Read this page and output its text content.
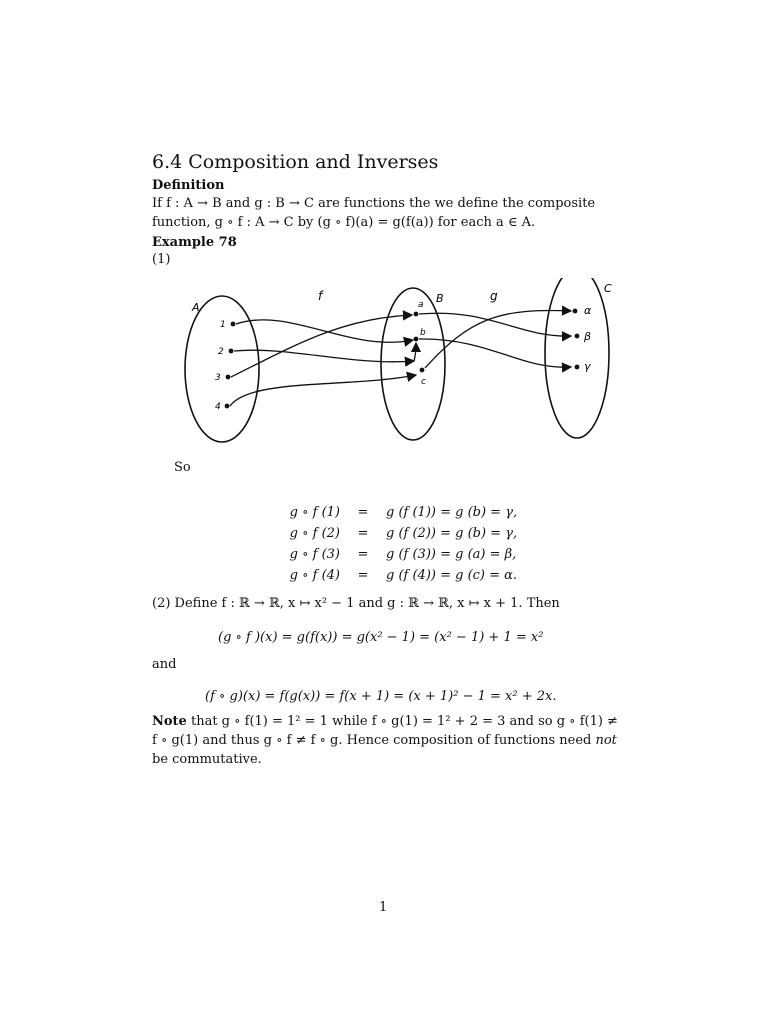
6.4 Composition and Inverses
Definition
If f : A → B and g : B → C are functions the we define the composite
function, g ∘ f : A → C by (g ∘ f)(a) = g(f(a)) for each a ∈ A.
Example 78
(1)
A
B
C
f	g
1
2
3
4
a
b
c
α
β
γ
So
g ∘ f (1)	=	g (f (1)) = g (b) = γ,
g ∘ f (2)	=	g (f (2)) = g (b) = γ,
g ∘ f (3)	=	g (f (3)) = g (a) = β,
g ∘ f (4)	=	g (f (4)) = g (c) = α.
(2) Define f : ℝ → ℝ, x ↦ x² − 1 and g : ℝ → ℝ, x ↦ x + 1. Then
(g ∘ f )(x) = g(f(x)) = g(x² − 1) = (x² − 1) + 1 = x²
and
(f ∘ g)(x) = f(g(x)) = f(x + 1) = (x + 1)² − 1 = x² + 2x.
Note that g ∘ f(1) = 1² = 1 while f ∘ g(1) = 1² + 2 = 3 and so g ∘ f(1) ≠
f ∘ g(1) and thus g ∘ f ≠ f ∘ g. Hence composition of functions need not
be commutative.
1
